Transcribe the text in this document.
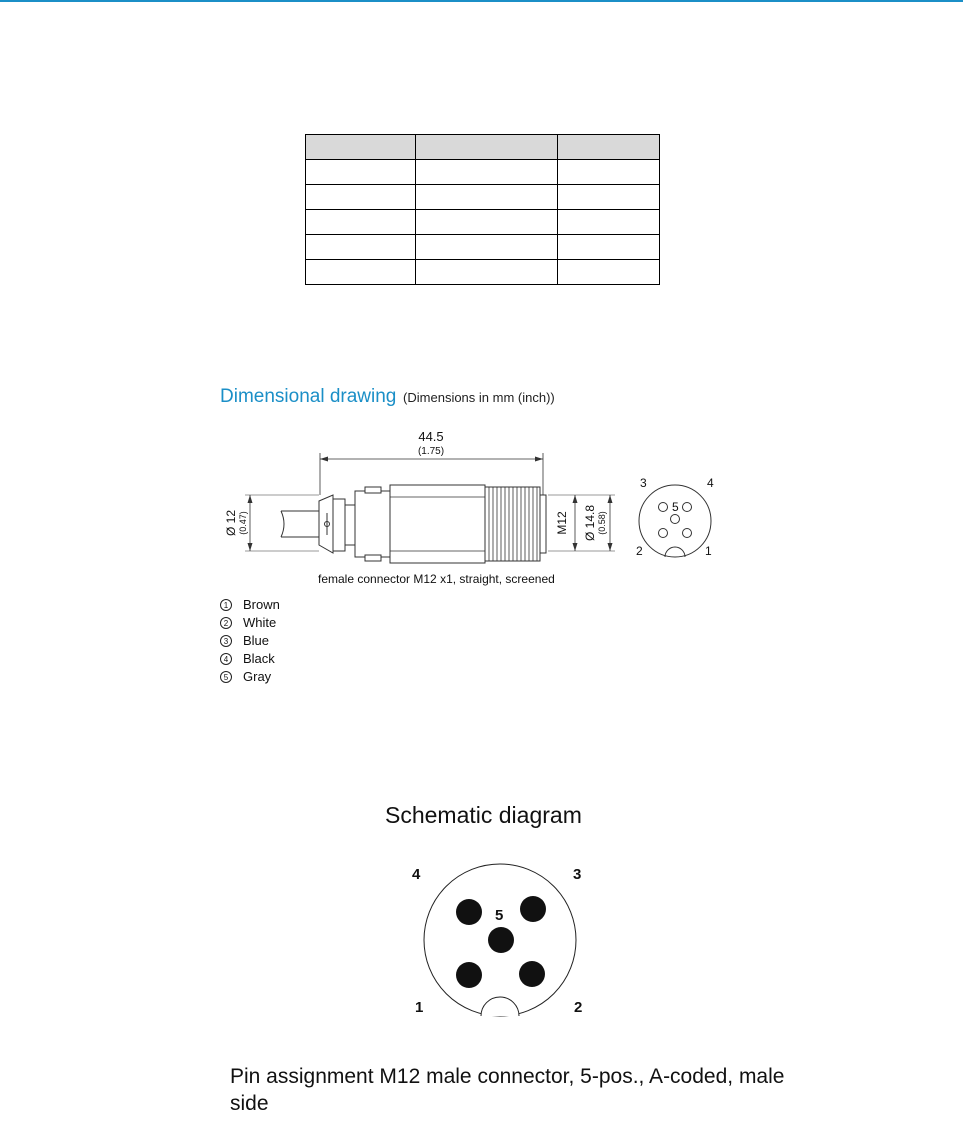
Dimensional drawing (Dimensions in mm (inch))
44.5
(1.75)
Ø 12 (0.47)	M12 Ø 14.8 (0.58)
3	4
5
2	1
female connector M12 x1, straight, screened
1 Brown
2 White
3 Blue
4 Black
5 Gray
Schematic diagram
4	3
5
1	2

Pin assignment M12 male connector, 5-pos., A-coded, male side
